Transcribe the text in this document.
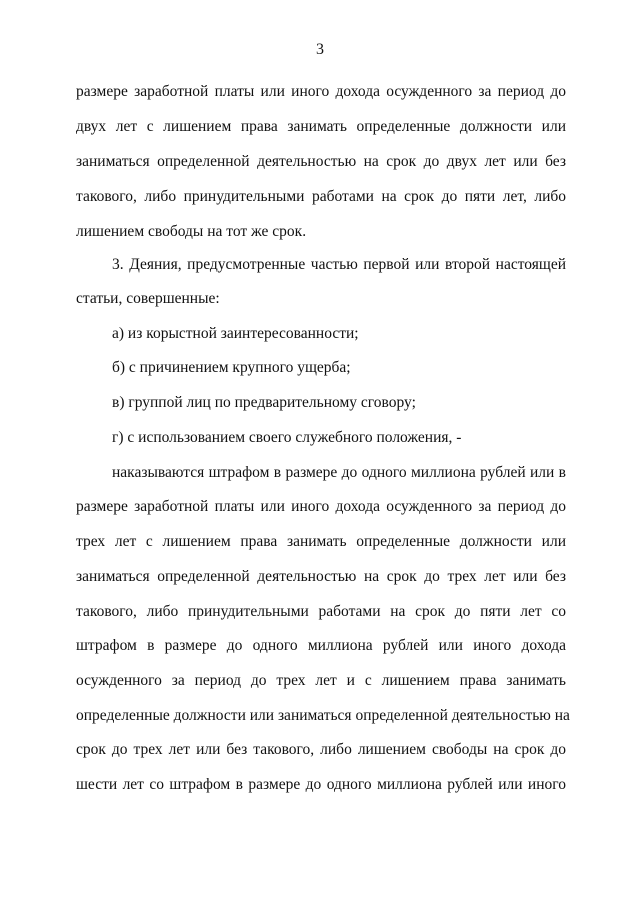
3
размере заработной платы или иного дохода осужденного за период до
двух лет с лишением права занимать определенные должности или
заниматься определенной деятельностью на срок до двух лет или без
такового, либо принудительными работами на срок до пяти лет, либо
лишением свободы на тот же срок.
3. Деяния, предусмотренные частью первой или второй настоящей
статьи, совершенные:
а) из корыстной заинтересованности;
б) с причинением крупного ущерба;
в) группой лиц по предварительному сговору;
г) с использованием своего служебного положения, -
наказываются штрафом в размере до одного миллиона рублей или в
размере заработной платы или иного дохода осужденного за период до
трех лет с лишением права занимать определенные должности или
заниматься определенной деятельностью на срок до трех лет или без
такового, либо принудительными работами на срок до пяти лет со
штрафом в размере до одного миллиона рублей или иного дохода
осужденного за период до трех лет и с лишением права занимать
определенные должности или заниматься определенной деятельностью на
срок до трех лет или без такового, либо лишением свободы на срок до
шести лет со штрафом в размере до одного миллиона рублей или иного
